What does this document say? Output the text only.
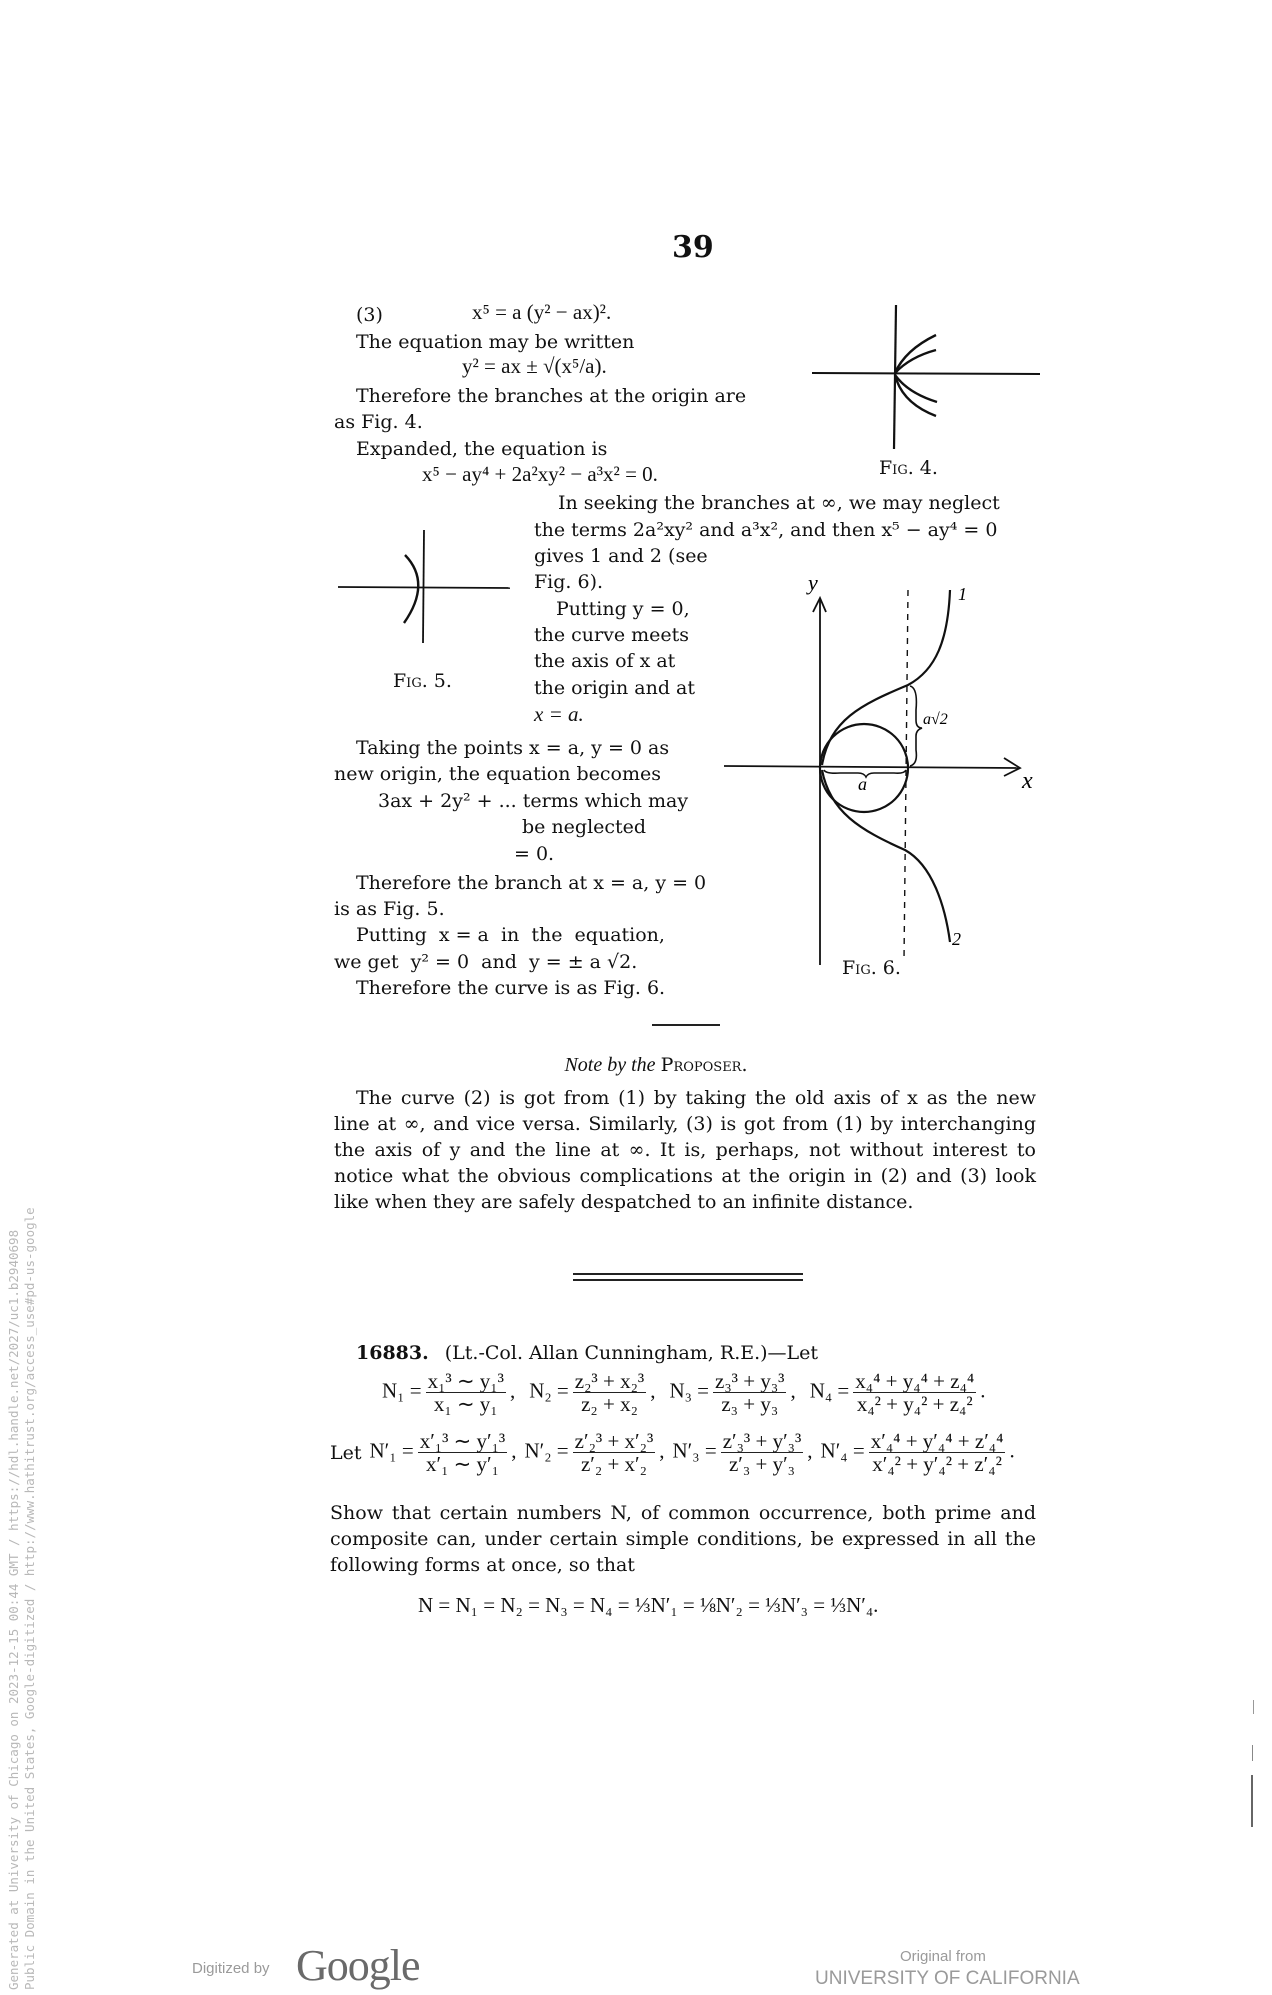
39
(3)	x⁵ = a (y² − ax)².
The equation may be written
y² = ax ± √(x⁵/a).
Therefore the branches at the origin are
as Fig. 4.
Expanded, the equation is
x⁵ − ay⁴ + 2a²xy² − a³x² = 0.	Fig. 4.
In seeking the branches at ∞, we may neglect
the terms 2a²xy² and a³x², and then x⁵ − ay⁴ = 0
gives 1 and 2 (see
Fig. 6).
Putting y = 0,
the curve meets
the axis of x at
the origin and at
x = a.
Fig. 5.
Taking the points x = a, y = 0 as
new origin, the equation becomes
3ax + 2y² + ... terms which may
be neglected
= 0.
Therefore the branch at x = a, y = 0
is as Fig. 5.
Putting  x = a  in  the  equation,
we get  y² = 0  and  y = ± a √2.
Therefore the curve is as Fig. 6.
y
x
1
2
a
a√2
Fig. 6.
Note by the Proposer.
The curve (2) is got from (1) by taking the old axis of x as the new
line at ∞, and vice versa. Similarly, (3) is got from (1) by interchanging
the axis of y and the line at ∞. It is, perhaps, not without interest to
notice what the obvious complications at the origin in (2) and (3) look
like when they are safely despatched to an infinite distance.
16883. (Lt.-Col. Allan Cunningham, R.E.)—Let
$N_1 = \frac{\text{x₁³ ∼ y₁³}}{\text{x₁ ∼ y₁}}$ , $N_2 = \frac{\text{z₂³ + x₂³}}{\text{z₂ + x₂}}$ , $N_3 = \frac{\text{z₃³ + y₃³}}{\text{z₃ + y₃}}$ , $N_4 = \frac{\text{x₄⁴ + y₄⁴ + z₄⁴}}{\text{x₄² + y₄² + z₄²}}$ .
Let $N'_1 = \frac{\text{x′₁³ ∼ y′₁³}}{\text{x′₁ ∼ y′₁}}$ , $N'_2 = \frac{\text{z′₂³ + x′₂³}}{\text{z′₂ + x′₂}}$ , $N'_3 = \frac{\text{z′₃³ + y′₃³}}{\text{z′₃ + y′₃}}$ , $N'_4 = \frac{\text{x′₄⁴ + y′₄⁴ + z′₄⁴}}{\text{x′₄² + y′₄² + z′₄²}}$ .
Show that certain numbers N, of common occurrence, both prime and
composite can, under certain simple conditions, be expressed in all the
following forms at once, so that
N = N₁ = N₂ = N₃ = N₄ = ⅓N′₁ = ⅛N′₂ = ⅓N′₃ = ⅓N′₄.
Generated at University of Chicago on 2023-12-15 00:44 GMT / https://hdl.handle.net/2027/uc1.b2940698 Public Domain in the United States, Google-digitized / http://www.hathitrust.org/access_use#pd-us-google	Digitized by Google	Original from
UNIVERSITY OF CALIFORNIA
